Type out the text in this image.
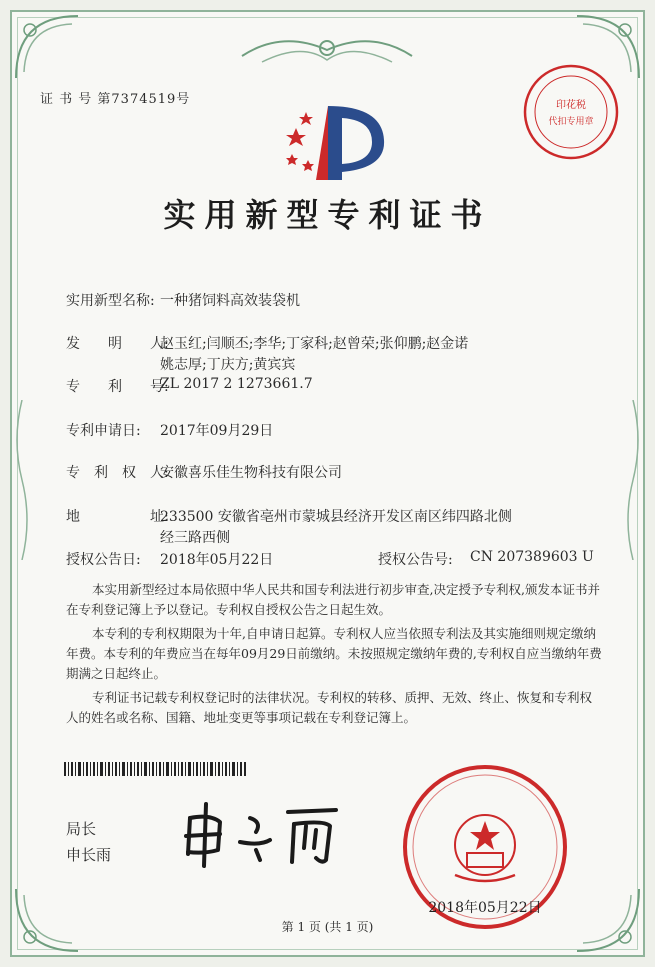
证 书 号 第7374519号	印花税
代扣专用章
实用新型专利证书
实用新型名称: 一种猪饲料高效装袋机
发　　明　　人:
赵玉红;闫顺丕;李华;丁家科;赵曾荣;张仰鹏;赵金诺
姚志厚;丁庆方;黄宾宾
专　　利　　号:
ZL 2017 2 1273661.7
专利申请日: 2017年09月29日
专　利　权　人:
安徽喜乐佳生物科技有限公司
地　　　　　址:
233500 安徽省亳州市蒙城县经济开发区南区纬四路北侧
经三路西侧
授权公告日: 2018年05月22日	授权公告号: CN 207389603 U
本实用新型经过本局依照中华人民共和国专利法进行初步审查,决定授予专利权,颁发本证书并在专利登记簿上予以登记。专利权自授权公告之日起生效。
本专利的专利权期限为十年,自申请日起算。专利权人应当依照专利法及其实施细则规定缴纳年费。本专利的年费应当在每年09月29日前缴纳。未按照规定缴纳年费的,专利权自应当缴纳年费期满之日起终止。
专利证书记载专利权登记时的法律状况。专利权的转移、质押、无效、终止、恢复和专利权人的姓名或名称、国籍、地址变更等事项记载在专利登记簿上。
局长
申长雨
2018年05月22日
第 1 页 (共 1 页)
